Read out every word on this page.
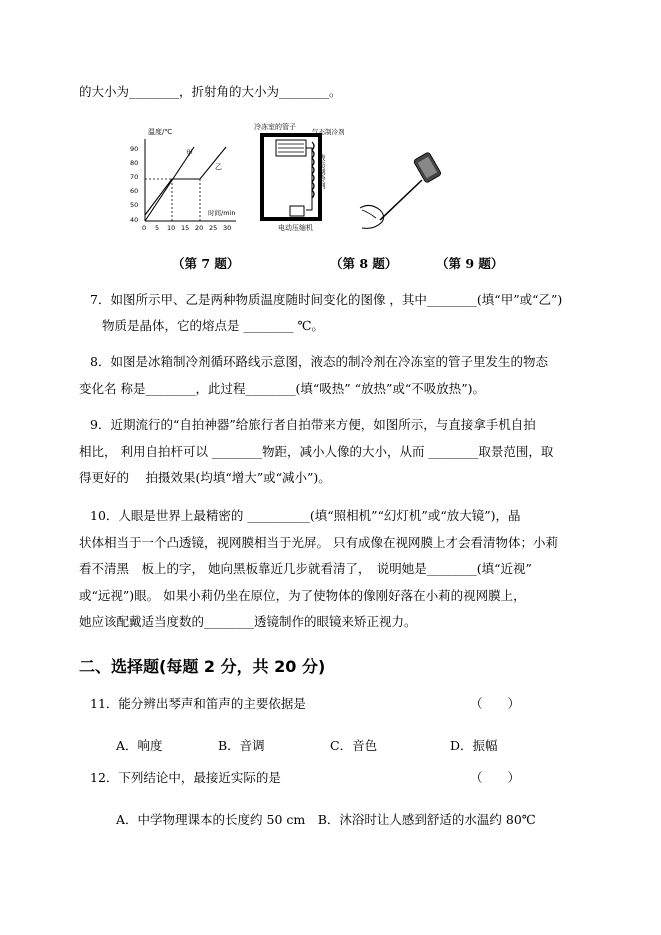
的大小为________，折射角的大小为________。
温度/℃
90
80
70
60
50
40
0 5 10 15 20 25 30
时间/min
甲
乙
冷冻室的管子
气态制冷剂
液态制冷剂
电动压缩机
（第 7 题）	（第 8 题）	（第 9 题）
7．如图所示甲、乙是两种物质温度随时间变化的图像 ，其中________(填“甲”或“乙”)
物质是晶体，它的熔点是 ________ ℃。
8．如图是冰箱制冷剂循环路线示意图，液态的制冷剂在冷冻室的管子里发生的物态
变化名 称是________，此过程________(填“吸热” “放热”或“不吸放热”)。
9．近期流行的“自拍神器”给旅行者自拍带来方便，如图所示，与直接拿手机自拍
相比， 利用自拍杆可以 ________物距，减小人像的大小，从而 ________取景范围，取
得更好的　 拍摄效果(均填“增大”或“减小”)。
10．人眼是世界上最精密的 __________(填“照相机”“幻灯机”或“放大镜”)，晶
状体相当于一个凸透镜，视网膜相当于光屏。 只有成像在视网膜上才会看清物体；小莉
看不清黑　板上的字， 她向黑板靠近几步就看清了，　说明她是________(填“近视”
或“远视”)眼。 如果小莉仍坐在原位，为了使物体的像刚好落在小莉的视网膜上，
她应该配戴适当度数的________透镜制作的眼镜来矫正视力。
二、选择题(每题 2 分，共 20 分)
11．能分辨出琴声和笛声的主要依据是	（　　）
A．响度	B．音调	C．音色	D．振幅
12．下列结论中，最接近实际的是	（　　）
A．中学物理课本的长度约 50 cm　B．沐浴时让人感到舒适的水温约 80℃
